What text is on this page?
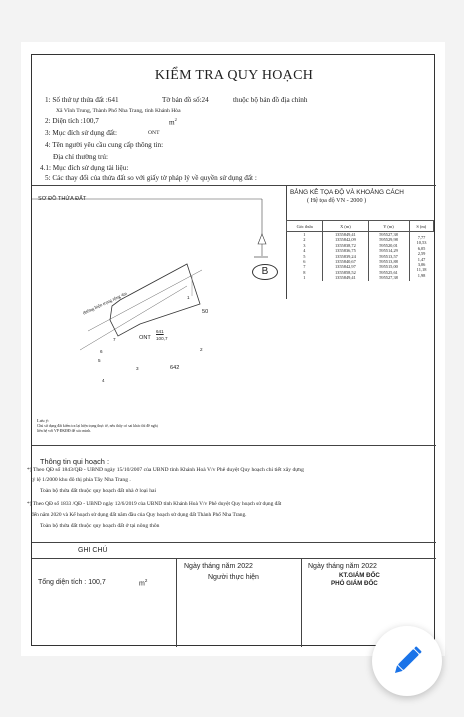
KIỂM TRA QUY HOẠCH
1: Số thứ tự thửa đất :641	Tờ bản đồ số:24	thuộc bộ bản đồ địa chính
Xã Vĩnh Trung, Thành Phố Nha Trang, tỉnh Khánh Hòa
2: Diện tích :100,7	$m^2$
3: Mục đích sử dụng đất:	ONT
4: Tên người yêu cầu cung cấp thông tin:
Địa chỉ thường trú:
4.1: Mục đích sử dụng tài liệu:
5: Các thay đổi của thửa đất so với giấy tờ pháp lý về quyền sử dụng đất :
SƠ ĐỒ THỬA ĐẤT
B
đường hiện trạng rộng 4m	50
642
ONT
641
100,7
1
2
3
4
5
6
7
Lưu ý:
Chủ sử dụng đất kiểm tra lại hiện trạng thực tế, nếu thấy có sai khác thì đề nghị
liên hệ với VP ĐKĐĐ để xác minh.
BẢNG KÊ TỌA ĐỘ VÀ KHOẢNG CÁCH
( Hệ tọa độ VN - 2000 )
Góc thửa	X (m)	Y (m)	S (m)
1	1355849,41	595527,38	7,77
2	1355842,09	595529,98	10,53
3	1355838,72	595520,01	6,05
4	1355836,75	595514,29	2,59
5	1355839,24	595513,57	1,47
6	1355840,67	595513,88	3,06
7	1355842,97	595515,00	11,18
8	1355858,52	595525,61	1,98
1	1355849,41	595527,38	
Thông tin qui hoạch :
*) Theo QĐ số 1843/QĐ - UBND ngày 15/10/2007 của UBND tỉnh Khánh Hoà V/v Phê duyệt Quy hoạch chi tiết xây dựng
tỷ lệ 1/2000 khu đô thị phía Tây Nha Trang .
Toàn bộ thửa đất thuộc quy hoạch đất nhà ở loại hai
*) Theo QĐ số 1833 /QĐ - UBND ngày 12/6/2019 của UBND tỉnh Khánh Hoà V/v Phê duyệt Quy hoạch sử dụng đất
đến năm 2020 và Kế hoạch sử dụng đất năm đầu của Quy hoạch sử dụng đất Thành Phố Nha Trang.
Toàn bộ thửa đất thuộc quy hoạch đất ở tại nông thôn
GHI CHÚ
Tổng diện tích : 100,7	$m^2$
Ngày tháng năm 2022
Người thực hiện
Ngày tháng năm 2022
KT.GIÁM ĐỐC
PHÓ GIÁM ĐỐC
